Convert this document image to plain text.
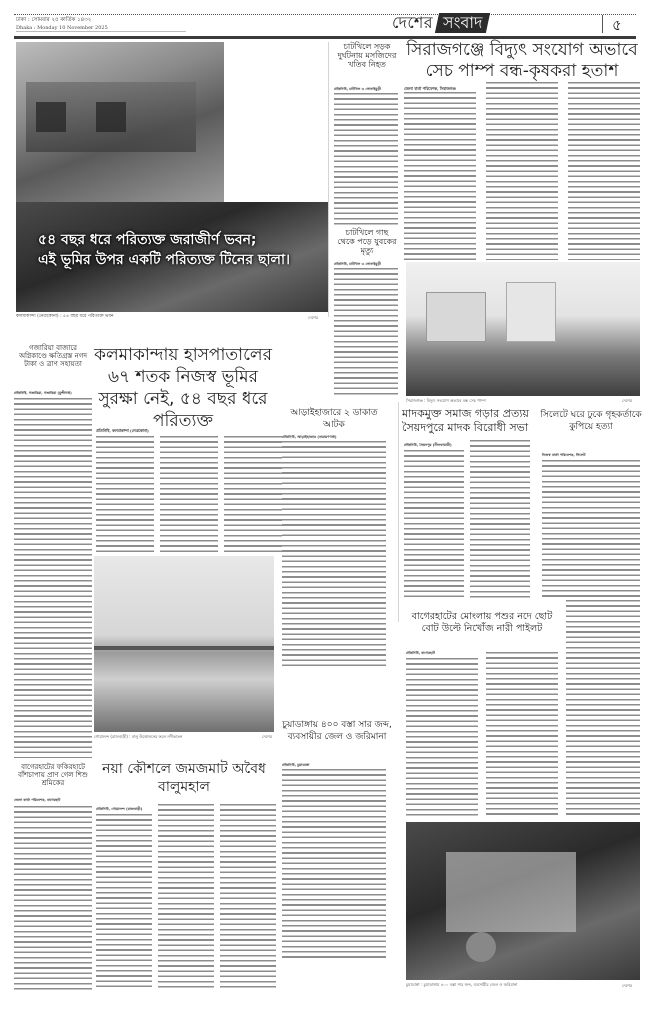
ঢাকা : সোমবার ২৫ কার্তিক ১৪৩২
Dhaka : Monday 10 November 2025	দেশের সংবাদ	৫
৫৪ বছর ধরে পরিত্যক্ত জরাজীর্ণ ভবন;
এই ভূমির উপর একটি পরিত্যক্ত টিনের ছালা।
কলমাকান্দা (নেত্রকোনা) : ৫৪ বছর ধরে পরিত্যক্ত ভবন	দেশের
চাটখিলে সড়ক দুর্ঘটনায় মসজিদের খতিব নিহত
প্রতিনিধি, চাটখিল ও সোনাইমুড়ী
চাটখিলে গাছ থেকে পড়ে যুবকের মৃত্যু
প্রতিনিধি, চাটখিল ও সোনাইমুড়ী
সিরাজগঞ্জে বিদ্যুৎ সংযোগ অভাবে সেচ পাম্প বন্ধ-কৃষকরা হতাশ
জেলা বার্তা পরিবেশক, সিরাজগঞ্জ
সিরাজগঞ্জ : বিদ্যুৎ সংযোগ অভাবে বন্ধ সেচ পাম্প	দেশের
গজারিয়া বাজারে অগ্নিকাণ্ডে ক্ষতিগ্রস্ত নগদ টাকা ও ত্রাণ সহায়তা
প্রতিনিধি, গজারিয়া, গজারিয়া (মুন্সীগঞ্জ)
কলমাকান্দায় হাসপাতালের ৬৭ শতক নিজস্ব ভূমির সুরক্ষা নেই, ৫৪ বছর ধরে পরিত্যক্ত
প্রতিনিধি, কলমাকান্দা (নেত্রকোনা)
গোয়ালন্দ (রাজবাড়ী) : বালু উত্তোলনের ফলে নদীভাঙন	দেশের
আড়াইহাজারে ২ ডাকাত আটক
প্রতিনিধি, আড়াইহাজার (নারায়ণগঞ্জ)
চুয়াডাঙ্গায় ৪০০ বস্তা সার জব্দ, ব্যবসায়ীর জেল ও জরিমানা
প্রতিনিধি, চুয়াডাঙ্গা
মাদকমুক্ত সমাজ গড়ার প্রত্যয় সৈয়দপুরে মাদক বিরোধী সভা
প্রতিনিধি, সৈয়দপুর (নীলফামারী)
সিলেটে ঘরে ঢুকে গৃহকর্তাকে কুপিয়ে হত্যা
নিজস্ব বার্তা পরিবেশক, সিলেট
বাগেরহাটের মোংলায় পশুর নদে ছোট বোট উল্টে নিখোঁজ নারী পাইলট
প্রতিনিধি, বাগেরহাট
চুয়াডাঙ্গা : চুয়াডাঙ্গায় ৪০০ বস্তা সার জব্দ, ব্যবসায়ীর জেল ও জরিমানা	দেশের
বাগেরহাটের ফকিরহাটে বাঁশচাপায় প্রাণ গেল শিশু শ্রমিকের
জেলা বার্তা পরিবেশক, বাগেরহাট
নয়া কৌশলে জমজমাট অবৈধ বালুমহাল
প্রতিনিধি, গোয়ালন্দ (রাজবাড়ী)
